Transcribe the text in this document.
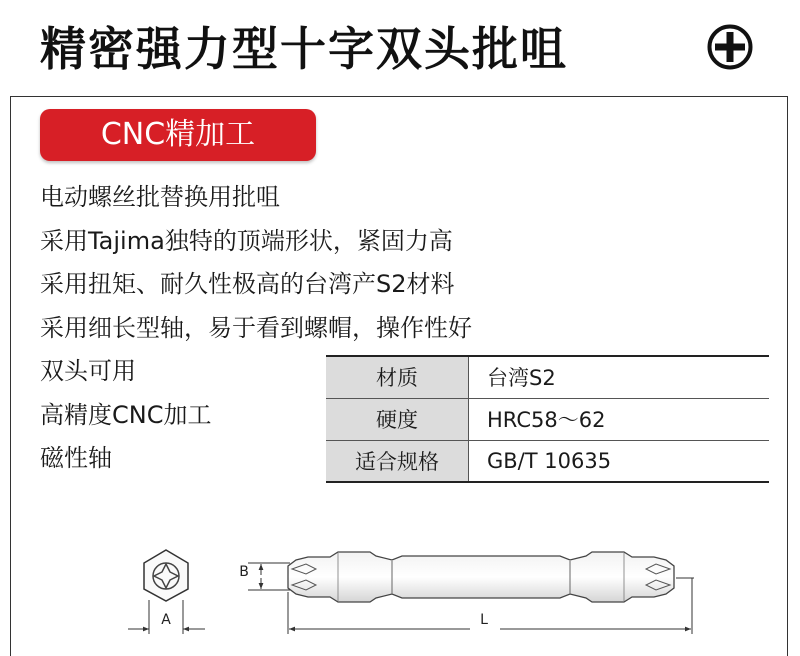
精密强力型十字双头批咀
CNC精加工
电动螺丝批替换用批咀
采用Tajima独特的顶端形状，紧固力高
采用扭矩、耐久性极高的台湾产S2材料
采用细长型轴，易于看到螺帽，操作性好
双头可用
高精度CNC加工
磁性轴
材质	台湾S2
硬度	HRC58～62
适合规格	GB/T 10635
A
B
L
